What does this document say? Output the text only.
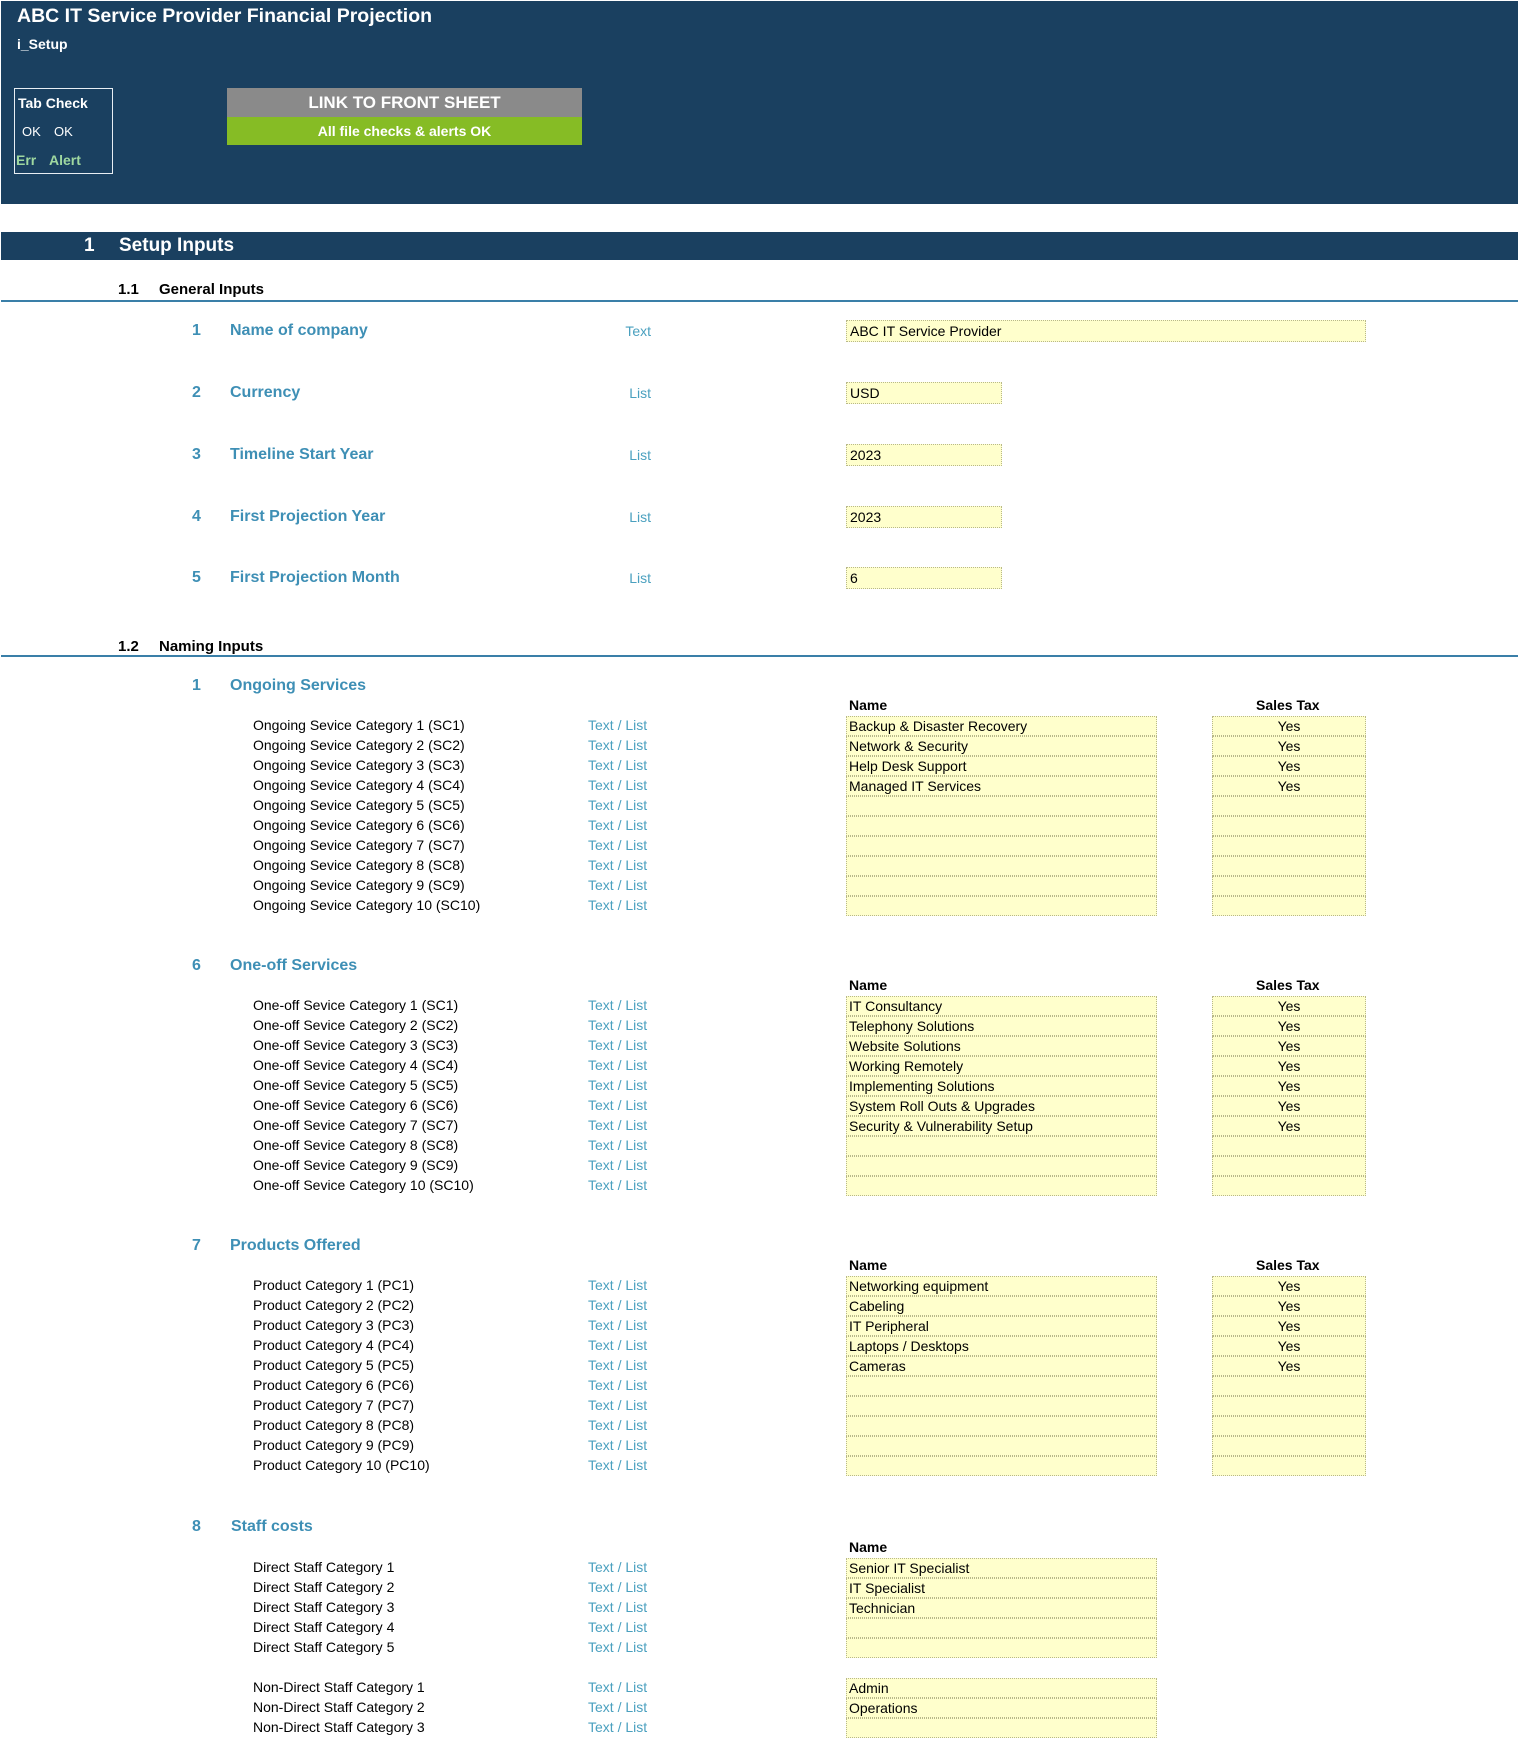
ABC IT Service Provider Financial Projection
i_Setup
Tab Check
OK OK
Err Alert
LINK TO FRONT SHEET
All file checks & alerts OK
1 Setup Inputs
1.1 General Inputs
1 Name of company	Text	ABC IT Service Provider
2 Currency	List	USD
3 Timeline Start Year	List	2023
4 First Projection Year	List	2023
5 First Projection Month	List	6
1.2 Naming Inputs
1 Ongoing Services
Name	Sales Tax
Ongoing Sevice Category 1 (SC1)	Text / List	Backup & Disaster Recovery	Yes
Ongoing Sevice Category 2 (SC2)	Text / List	Network & Security	Yes
Ongoing Sevice Category 3 (SC3)	Text / List	Help Desk Support	Yes
Ongoing Sevice Category 4 (SC4)	Text / List	Managed IT Services	Yes
Ongoing Sevice Category 5 (SC5)	Text / List
Ongoing Sevice Category 6 (SC6)	Text / List
Ongoing Sevice Category 7 (SC7)	Text / List
Ongoing Sevice Category 8 (SC8)	Text / List
Ongoing Sevice Category 9 (SC9)	Text / List
Ongoing Sevice Category 10 (SC10)	Text / List
6 One-off Services
Name	Sales Tax
One-off Sevice Category 1 (SC1)	Text / List	IT Consultancy	Yes
One-off Sevice Category 2 (SC2)	Text / List	Telephony Solutions	Yes
One-off Sevice Category 3 (SC3)	Text / List	Website Solutions	Yes
One-off Sevice Category 4 (SC4)	Text / List	Working Remotely	Yes
One-off Sevice Category 5 (SC5)	Text / List	Implementing Solutions	Yes
One-off Sevice Category 6 (SC6)	Text / List	System Roll Outs & Upgrades	Yes
One-off Sevice Category 7 (SC7)	Text / List	Security & Vulnerability Setup	Yes
One-off Sevice Category 8 (SC8)	Text / List
One-off Sevice Category 9 (SC9)	Text / List
One-off Sevice Category 10 (SC10)	Text / List
7 Products Offered
Name	Sales Tax
Product Category 1 (PC1)	Text / List	Networking equipment	Yes
Product Category 2 (PC2)	Text / List	Cabeling	Yes
Product Category 3 (PC3)	Text / List	IT Peripheral	Yes
Product Category 4 (PC4)	Text / List	Laptops / Desktops	Yes
Product Category 5 (PC5)	Text / List	Cameras	Yes
Product Category 6 (PC6)	Text / List
Product Category 7 (PC7)	Text / List
Product Category 8 (PC8)	Text / List
Product Category 9 (PC9)	Text / List
Product Category 10 (PC10)	Text / List
8 Staff costs
Name
Direct Staff Category 1	Text / List	Senior IT Specialist
Direct Staff Category 2	Text / List	IT Specialist
Direct Staff Category 3	Text / List	Technician
Direct Staff Category 4	Text / List
Direct Staff Category 5	Text / List
Non-Direct Staff Category 1	Text / List	Admin
Non-Direct Staff Category 2	Text / List	Operations
Non-Direct Staff Category 3	Text / List
